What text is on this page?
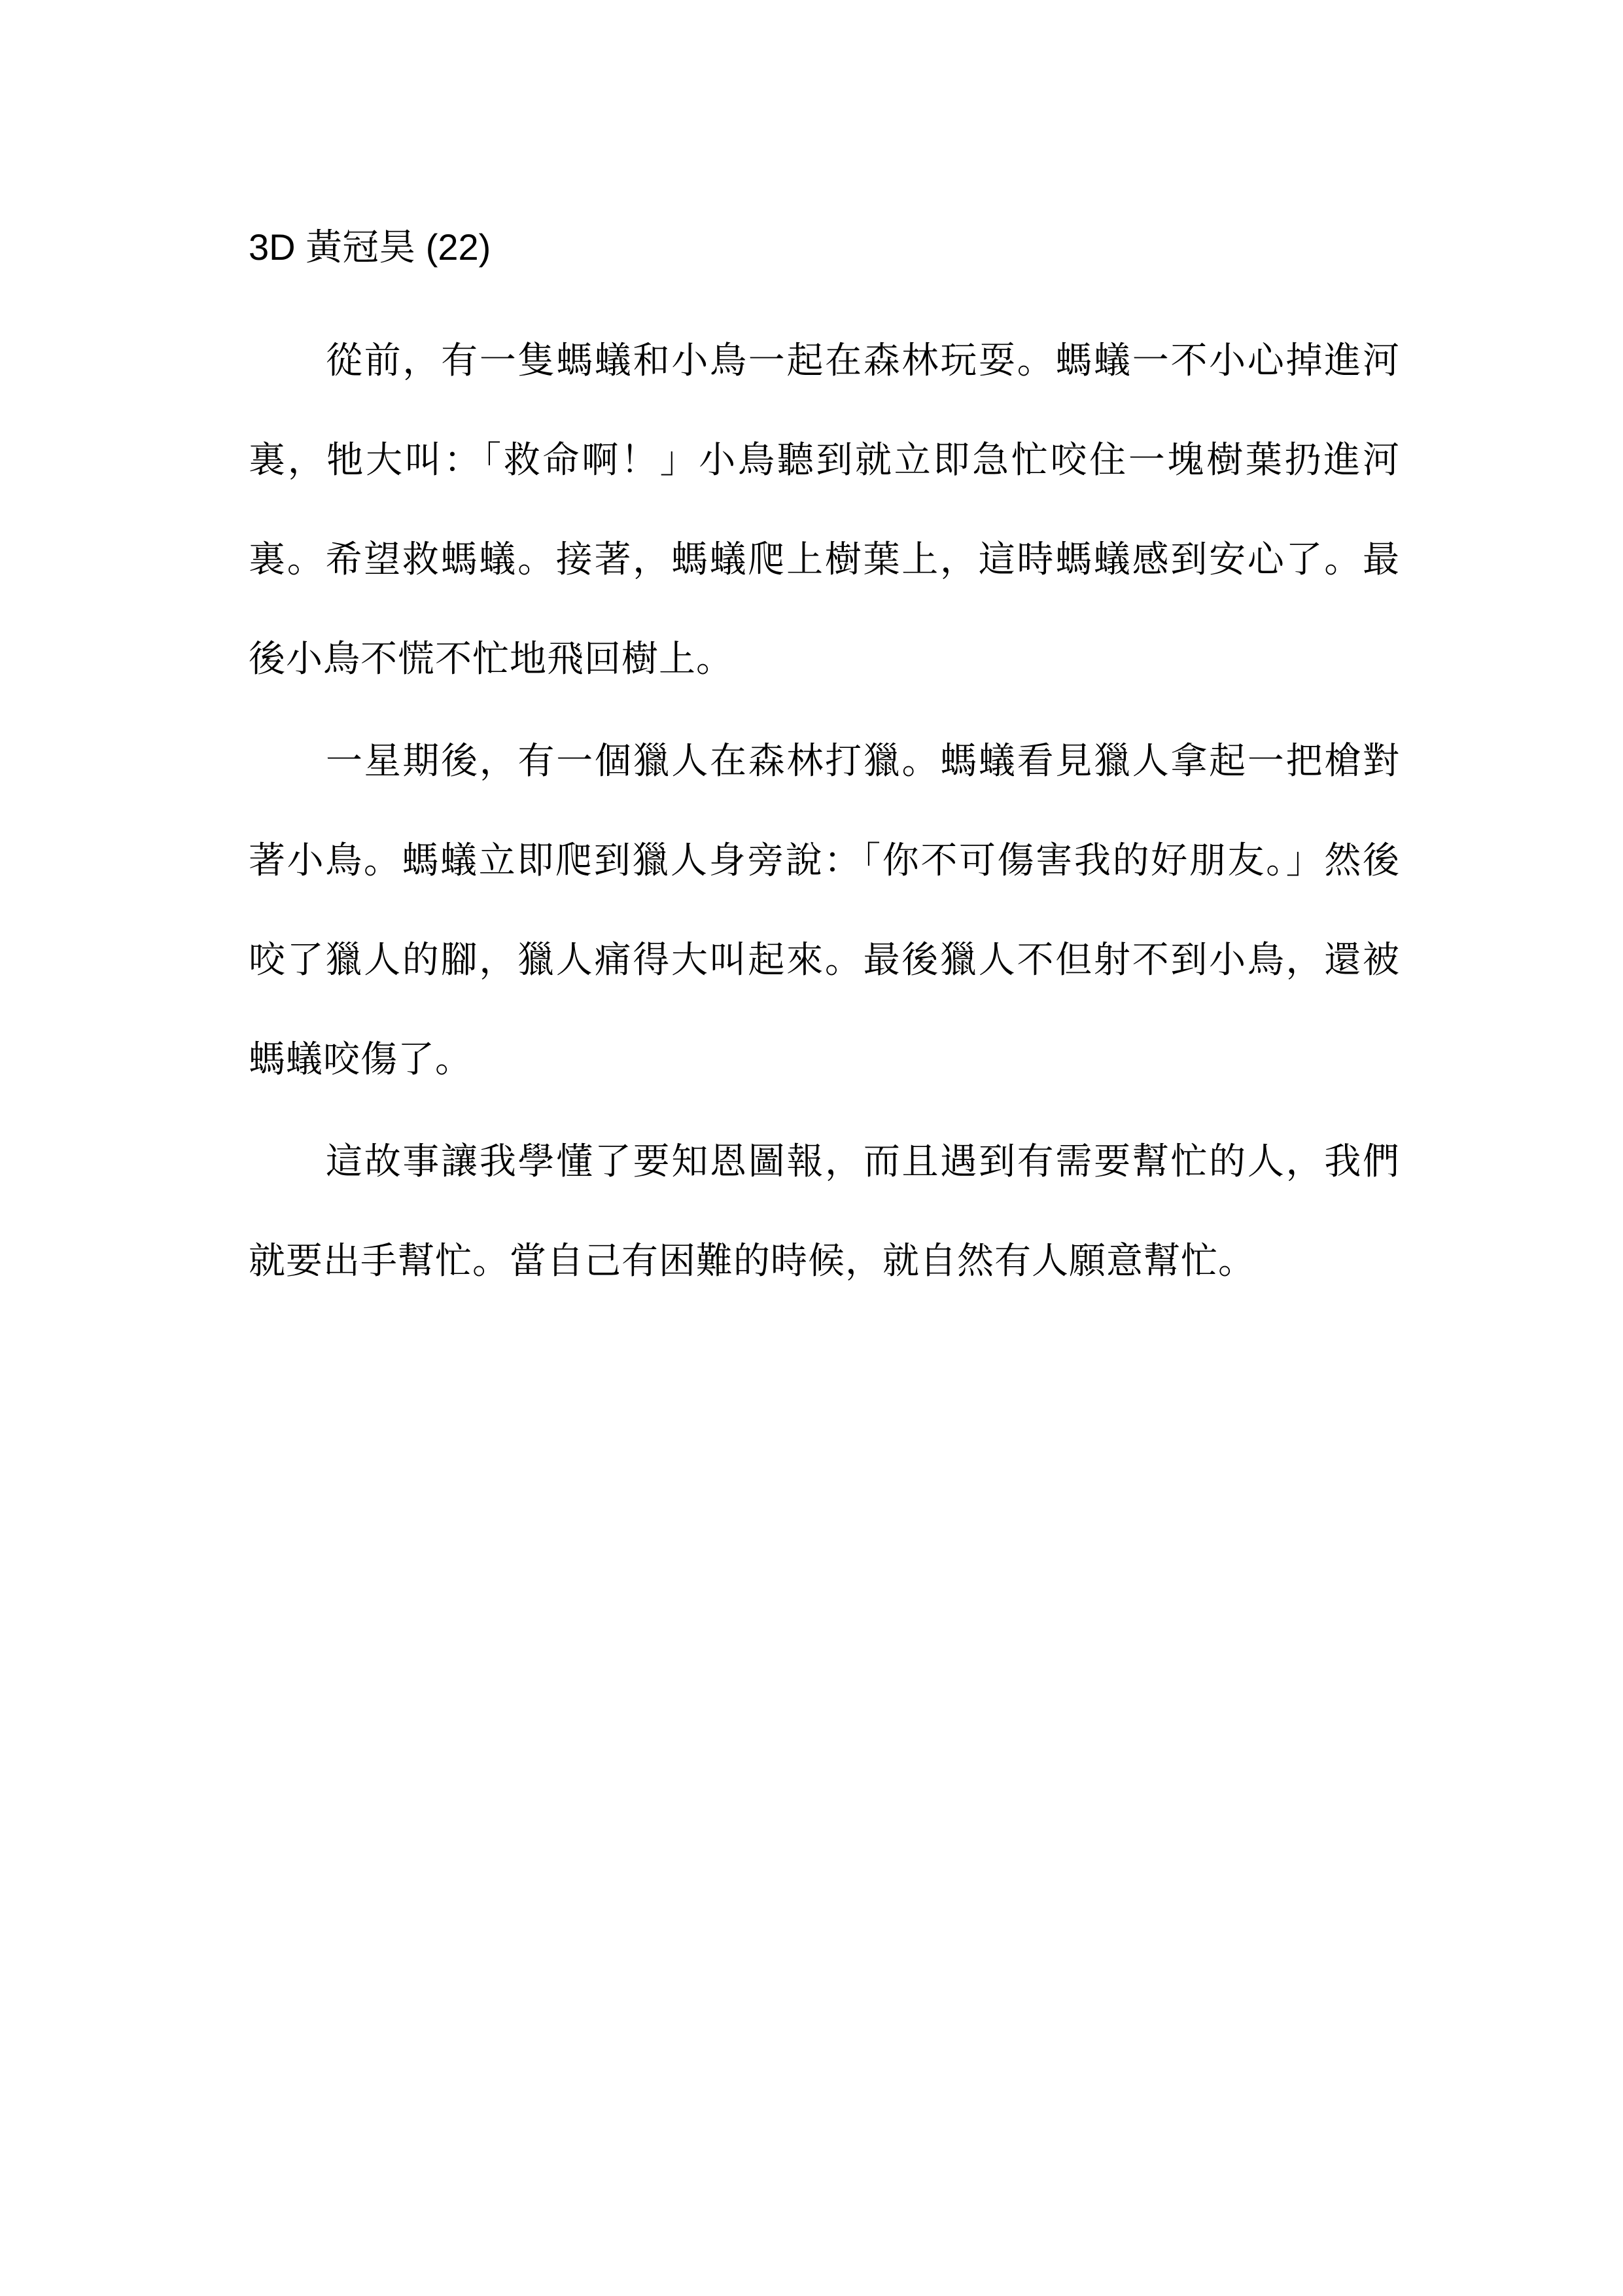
3D 黃冠昊 (22)

從前，有一隻螞蟻和小鳥一起在森林玩耍。螞蟻一不小心掉進河裏，牠大叫：「救命啊！」小鳥聽到就立即急忙咬住一塊樹葉扔進河裏。希望救螞蟻。接著，螞蟻爬上樹葉上，這時螞蟻感到安心了。最後小鳥不慌不忙地飛回樹上。

一星期後，有一個獵人在森林打獵。螞蟻看見獵人拿起一把槍對著小鳥。螞蟻立即爬到獵人身旁說：「你不可傷害我的好朋友。」然後咬了獵人的腳，獵人痛得大叫起來。最後獵人不但射不到小鳥，還被螞蟻咬傷了。

這故事讓我學懂了要知恩圖報，而且遇到有需要幫忙的人，我們就要出手幫忙。當自己有困難的時候，就自然有人願意幫忙。
